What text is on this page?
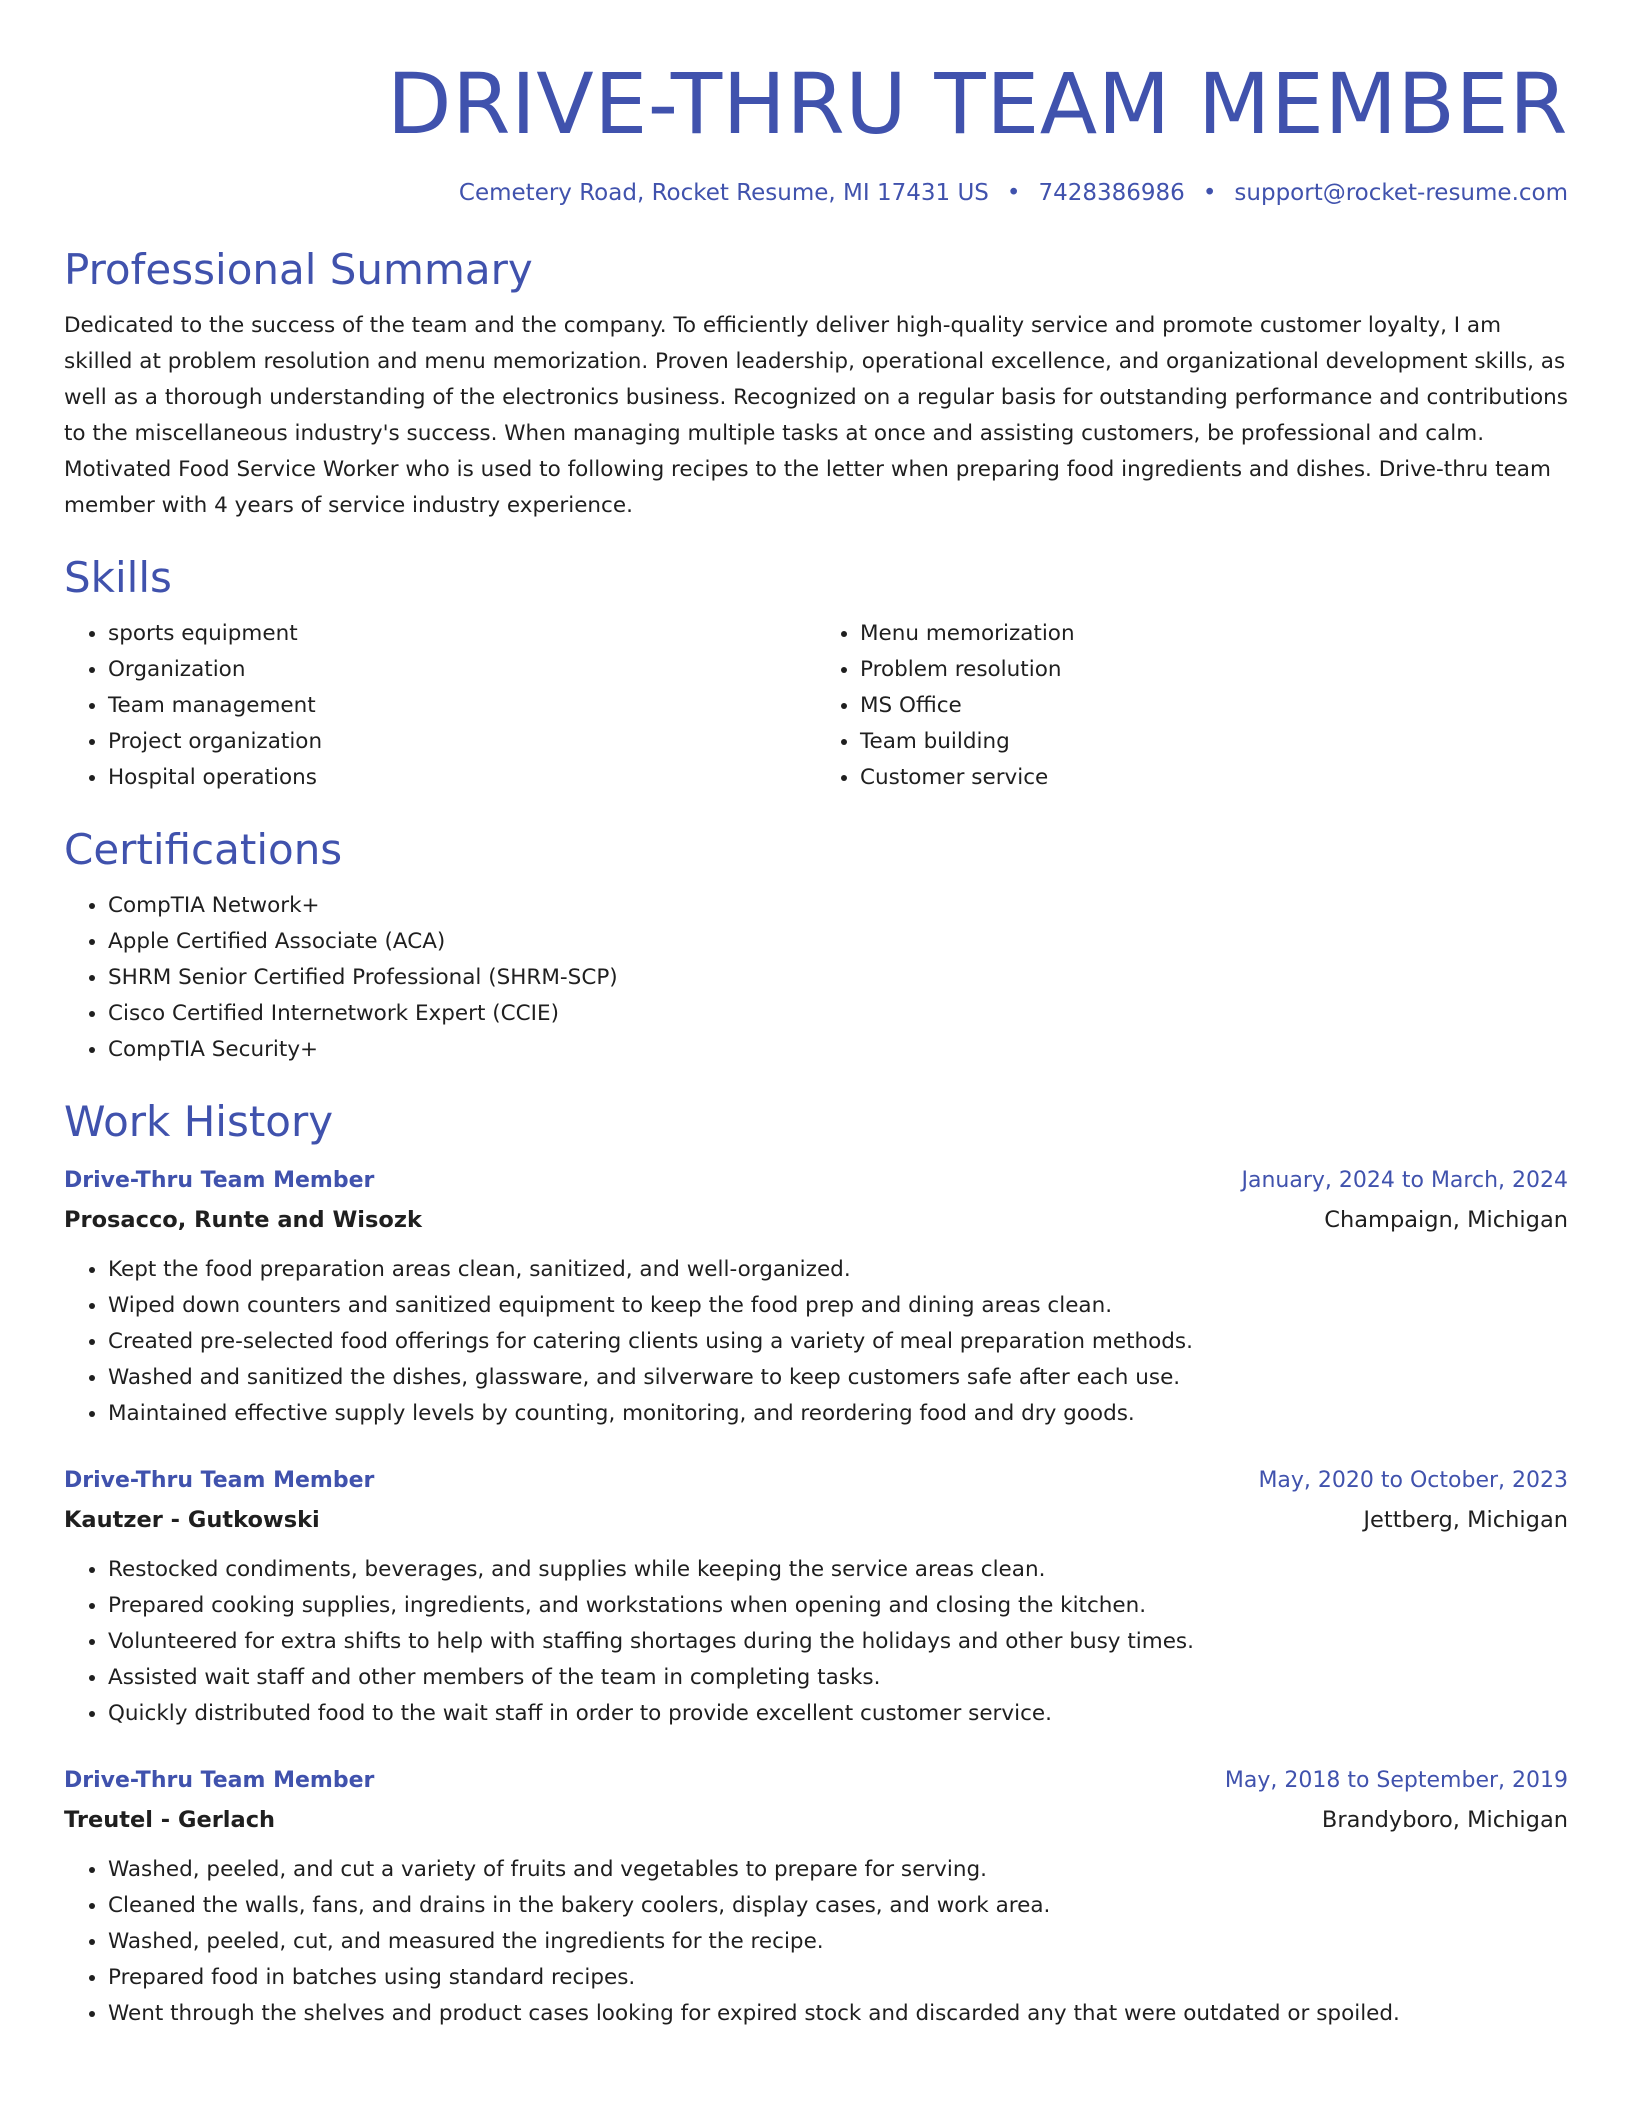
DRIVE-THRU TEAM MEMBER
Cemetery Road, Rocket Resume, MI 17431 US • 7428386986 • support@rocket-resume.com
Professional Summary
Dedicated to the success of the team and the company. To efficiently deliver high-quality service and promote customer loyalty, I am skilled at problem resolution and menu memorization. Proven leadership, operational excellence, and organizational development skills, as well as a thorough understanding of the electronics business. Recognized on a regular basis for outstanding performance and contributions to the miscellaneous industry's success. When managing multiple tasks at once and assisting customers, be professional and calm. Motivated Food Service Worker who is used to following recipes to the letter when preparing food ingredients and dishes. Drive-thru team member with 4 years of service industry experience.
Skills
• sports equipment
• Organization
• Team management
• Project organization
• Hospital operations
• Menu memorization
• Problem resolution
• MS Office
• Team building
• Customer service
Certifications
• CompTIA Network+
• Apple Certified Associate (ACA)
• SHRM Senior Certified Professional (SHRM-SCP)
• Cisco Certified Internetwork Expert (CCIE)
• CompTIA Security+
Work History
Drive-Thru Team Member	January, 2024 to March, 2024
Prosacco, Runte and Wisozk	Champaign, Michigan
• Kept the food preparation areas clean, sanitized, and well-organized.
• Wiped down counters and sanitized equipment to keep the food prep and dining areas clean.
• Created pre-selected food offerings for catering clients using a variety of meal preparation methods.
• Washed and sanitized the dishes, glassware, and silverware to keep customers safe after each use.
• Maintained effective supply levels by counting, monitoring, and reordering food and dry goods.
Drive-Thru Team Member	May, 2020 to October, 2023
Kautzer - Gutkowski	Jettberg, Michigan
• Restocked condiments, beverages, and supplies while keeping the service areas clean.
• Prepared cooking supplies, ingredients, and workstations when opening and closing the kitchen.
• Volunteered for extra shifts to help with staffing shortages during the holidays and other busy times.
• Assisted wait staff and other members of the team in completing tasks.
• Quickly distributed food to the wait staff in order to provide excellent customer service.
Drive-Thru Team Member	May, 2018 to September, 2019
Treutel - Gerlach	Brandyboro, Michigan
• Washed, peeled, and cut a variety of fruits and vegetables to prepare for serving.
• Cleaned the walls, fans, and drains in the bakery coolers, display cases, and work area.
• Washed, peeled, cut, and measured the ingredients for the recipe.
• Prepared food in batches using standard recipes.
• Went through the shelves and product cases looking for expired stock and discarded any that were outdated or spoiled.
